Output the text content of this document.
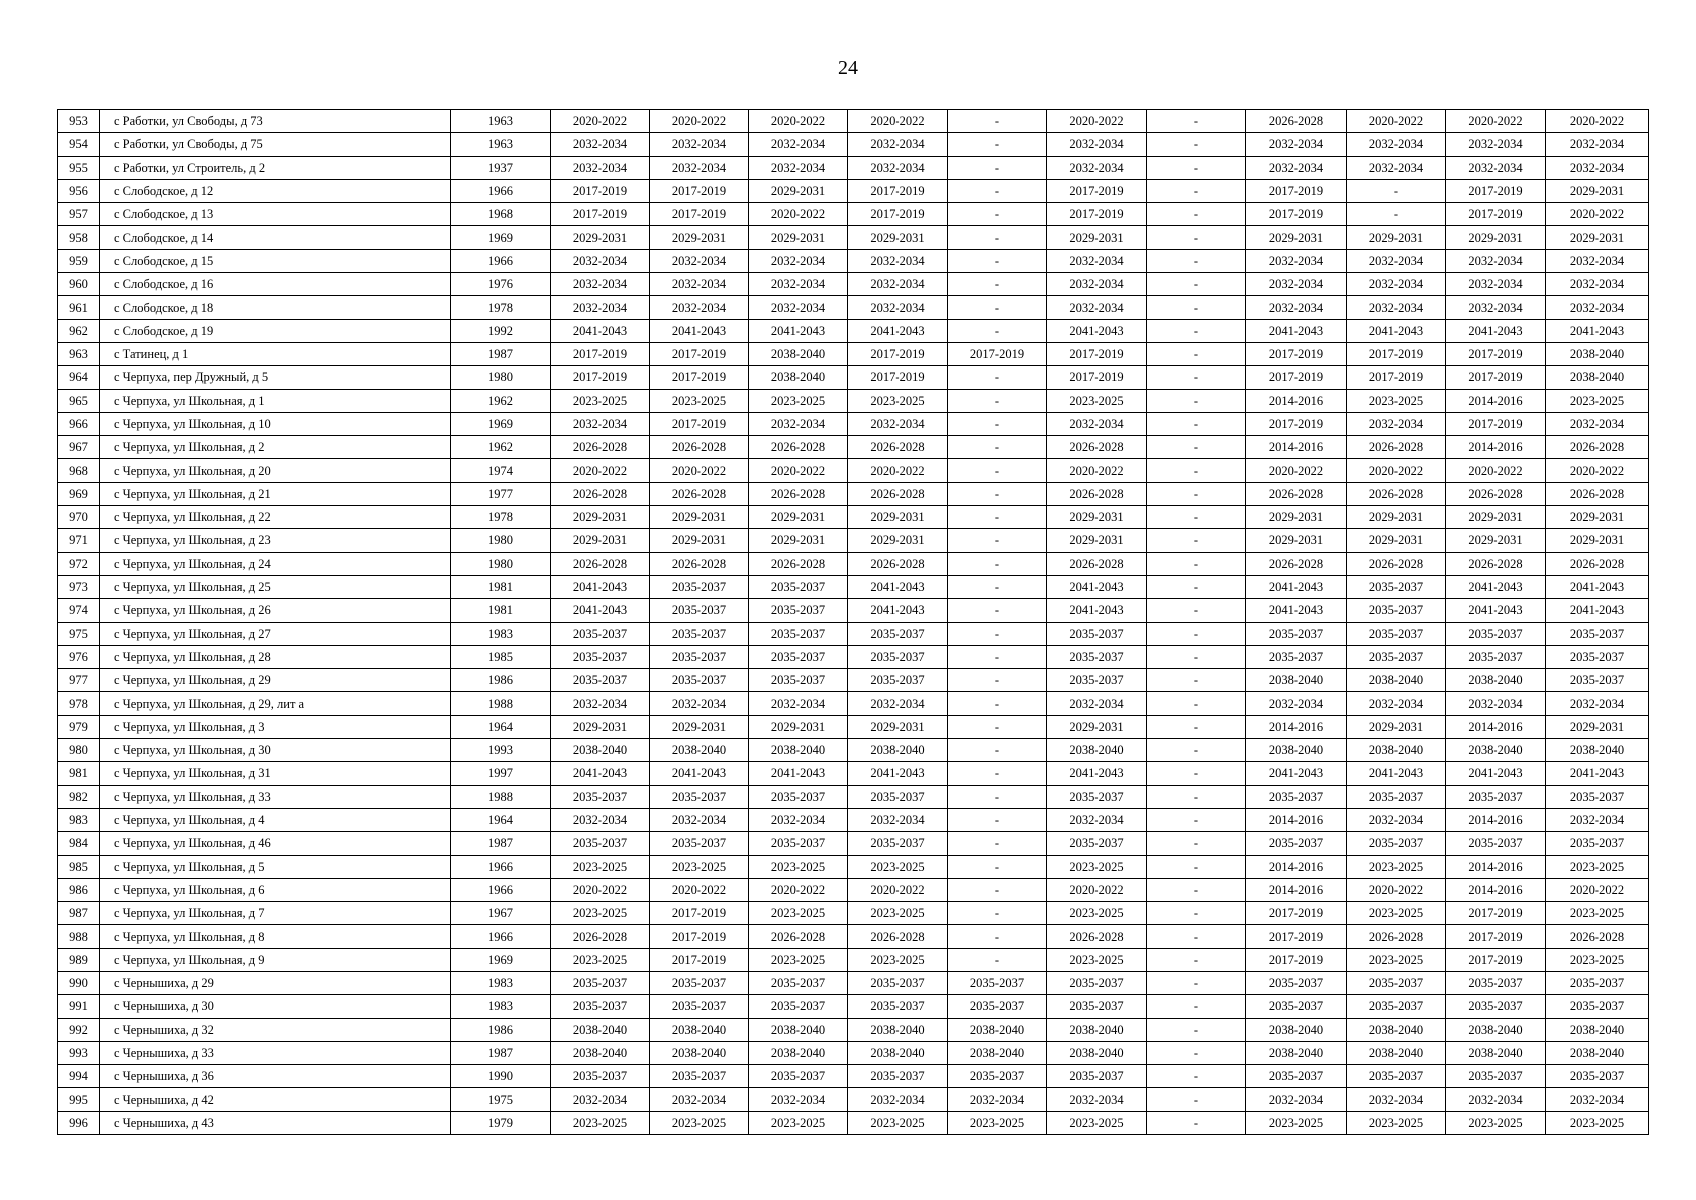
24
953	с Работки, ул Свободы, д 73	1963	2020-2022	2020-2022	2020-2022	2020-2022	-	2020-2022	-	2026-2028	2020-2022	2020-2022	2020-2022
954	с Работки, ул Свободы, д 75	1963	2032-2034	2032-2034	2032-2034	2032-2034	-	2032-2034	-	2032-2034	2032-2034	2032-2034	2032-2034
955	с Работки, ул Строитель, д 2	1937	2032-2034	2032-2034	2032-2034	2032-2034	-	2032-2034	-	2032-2034	2032-2034	2032-2034	2032-2034
956	с Слободское, д 12	1966	2017-2019	2017-2019	2029-2031	2017-2019	-	2017-2019	-	2017-2019	-	2017-2019	2029-2031
957	с Слободское, д 13	1968	2017-2019	2017-2019	2020-2022	2017-2019	-	2017-2019	-	2017-2019	-	2017-2019	2020-2022
958	с Слободское, д 14	1969	2029-2031	2029-2031	2029-2031	2029-2031	-	2029-2031	-	2029-2031	2029-2031	2029-2031	2029-2031
959	с Слободское, д 15	1966	2032-2034	2032-2034	2032-2034	2032-2034	-	2032-2034	-	2032-2034	2032-2034	2032-2034	2032-2034
960	с Слободское, д 16	1976	2032-2034	2032-2034	2032-2034	2032-2034	-	2032-2034	-	2032-2034	2032-2034	2032-2034	2032-2034
961	с Слободское, д 18	1978	2032-2034	2032-2034	2032-2034	2032-2034	-	2032-2034	-	2032-2034	2032-2034	2032-2034	2032-2034
962	с Слободское, д 19	1992	2041-2043	2041-2043	2041-2043	2041-2043	-	2041-2043	-	2041-2043	2041-2043	2041-2043	2041-2043
963	с Татинец, д 1	1987	2017-2019	2017-2019	2038-2040	2017-2019	2017-2019	2017-2019	-	2017-2019	2017-2019	2017-2019	2038-2040
964	с Черпуха, пер Дружный, д 5	1980	2017-2019	2017-2019	2038-2040	2017-2019	-	2017-2019	-	2017-2019	2017-2019	2017-2019	2038-2040
965	с Черпуха, ул Школьная, д 1	1962	2023-2025	2023-2025	2023-2025	2023-2025	-	2023-2025	-	2014-2016	2023-2025	2014-2016	2023-2025
966	с Черпуха, ул Школьная, д 10	1969	2032-2034	2017-2019	2032-2034	2032-2034	-	2032-2034	-	2017-2019	2032-2034	2017-2019	2032-2034
967	с Черпуха, ул Школьная, д 2	1962	2026-2028	2026-2028	2026-2028	2026-2028	-	2026-2028	-	2014-2016	2026-2028	2014-2016	2026-2028
968	с Черпуха, ул Школьная, д 20	1974	2020-2022	2020-2022	2020-2022	2020-2022	-	2020-2022	-	2020-2022	2020-2022	2020-2022	2020-2022
969	с Черпуха, ул Школьная, д 21	1977	2026-2028	2026-2028	2026-2028	2026-2028	-	2026-2028	-	2026-2028	2026-2028	2026-2028	2026-2028
970	с Черпуха, ул Школьная, д 22	1978	2029-2031	2029-2031	2029-2031	2029-2031	-	2029-2031	-	2029-2031	2029-2031	2029-2031	2029-2031
971	с Черпуха, ул Школьная, д 23	1980	2029-2031	2029-2031	2029-2031	2029-2031	-	2029-2031	-	2029-2031	2029-2031	2029-2031	2029-2031
972	с Черпуха, ул Школьная, д 24	1980	2026-2028	2026-2028	2026-2028	2026-2028	-	2026-2028	-	2026-2028	2026-2028	2026-2028	2026-2028
973	с Черпуха, ул Школьная, д 25	1981	2041-2043	2035-2037	2035-2037	2041-2043	-	2041-2043	-	2041-2043	2035-2037	2041-2043	2041-2043
974	с Черпуха, ул Школьная, д 26	1981	2041-2043	2035-2037	2035-2037	2041-2043	-	2041-2043	-	2041-2043	2035-2037	2041-2043	2041-2043
975	с Черпуха, ул Школьная, д 27	1983	2035-2037	2035-2037	2035-2037	2035-2037	-	2035-2037	-	2035-2037	2035-2037	2035-2037	2035-2037
976	с Черпуха, ул Школьная, д 28	1985	2035-2037	2035-2037	2035-2037	2035-2037	-	2035-2037	-	2035-2037	2035-2037	2035-2037	2035-2037
977	с Черпуха, ул Школьная, д 29	1986	2035-2037	2035-2037	2035-2037	2035-2037	-	2035-2037	-	2038-2040	2038-2040	2038-2040	2035-2037
978	с Черпуха, ул Школьная, д 29, лит а	1988	2032-2034	2032-2034	2032-2034	2032-2034	-	2032-2034	-	2032-2034	2032-2034	2032-2034	2032-2034
979	с Черпуха, ул Школьная, д 3	1964	2029-2031	2029-2031	2029-2031	2029-2031	-	2029-2031	-	2014-2016	2029-2031	2014-2016	2029-2031
980	с Черпуха, ул Школьная, д 30	1993	2038-2040	2038-2040	2038-2040	2038-2040	-	2038-2040	-	2038-2040	2038-2040	2038-2040	2038-2040
981	с Черпуха, ул Школьная, д 31	1997	2041-2043	2041-2043	2041-2043	2041-2043	-	2041-2043	-	2041-2043	2041-2043	2041-2043	2041-2043
982	с Черпуха, ул Школьная, д 33	1988	2035-2037	2035-2037	2035-2037	2035-2037	-	2035-2037	-	2035-2037	2035-2037	2035-2037	2035-2037
983	с Черпуха, ул Школьная, д 4	1964	2032-2034	2032-2034	2032-2034	2032-2034	-	2032-2034	-	2014-2016	2032-2034	2014-2016	2032-2034
984	с Черпуха, ул Школьная, д 46	1987	2035-2037	2035-2037	2035-2037	2035-2037	-	2035-2037	-	2035-2037	2035-2037	2035-2037	2035-2037
985	с Черпуха, ул Школьная, д 5	1966	2023-2025	2023-2025	2023-2025	2023-2025	-	2023-2025	-	2014-2016	2023-2025	2014-2016	2023-2025
986	с Черпуха, ул Школьная, д 6	1966	2020-2022	2020-2022	2020-2022	2020-2022	-	2020-2022	-	2014-2016	2020-2022	2014-2016	2020-2022
987	с Черпуха, ул Школьная, д 7	1967	2023-2025	2017-2019	2023-2025	2023-2025	-	2023-2025	-	2017-2019	2023-2025	2017-2019	2023-2025
988	с Черпуха, ул Школьная, д 8	1966	2026-2028	2017-2019	2026-2028	2026-2028	-	2026-2028	-	2017-2019	2026-2028	2017-2019	2026-2028
989	с Черпуха, ул Школьная, д 9	1969	2023-2025	2017-2019	2023-2025	2023-2025	-	2023-2025	-	2017-2019	2023-2025	2017-2019	2023-2025
990	с Чернышиха, д 29	1983	2035-2037	2035-2037	2035-2037	2035-2037	2035-2037	2035-2037	-	2035-2037	2035-2037	2035-2037	2035-2037
991	с Чернышиха, д 30	1983	2035-2037	2035-2037	2035-2037	2035-2037	2035-2037	2035-2037	-	2035-2037	2035-2037	2035-2037	2035-2037
992	с Чернышиха, д 32	1986	2038-2040	2038-2040	2038-2040	2038-2040	2038-2040	2038-2040	-	2038-2040	2038-2040	2038-2040	2038-2040
993	с Чернышиха, д 33	1987	2038-2040	2038-2040	2038-2040	2038-2040	2038-2040	2038-2040	-	2038-2040	2038-2040	2038-2040	2038-2040
994	с Чернышиха, д 36	1990	2035-2037	2035-2037	2035-2037	2035-2037	2035-2037	2035-2037	-	2035-2037	2035-2037	2035-2037	2035-2037
995	с Чернышиха, д 42	1975	2032-2034	2032-2034	2032-2034	2032-2034	2032-2034	2032-2034	-	2032-2034	2032-2034	2032-2034	2032-2034
996	с Чернышиха, д 43	1979	2023-2025	2023-2025	2023-2025	2023-2025	2023-2025	2023-2025	-	2023-2025	2023-2025	2023-2025	2023-2025
